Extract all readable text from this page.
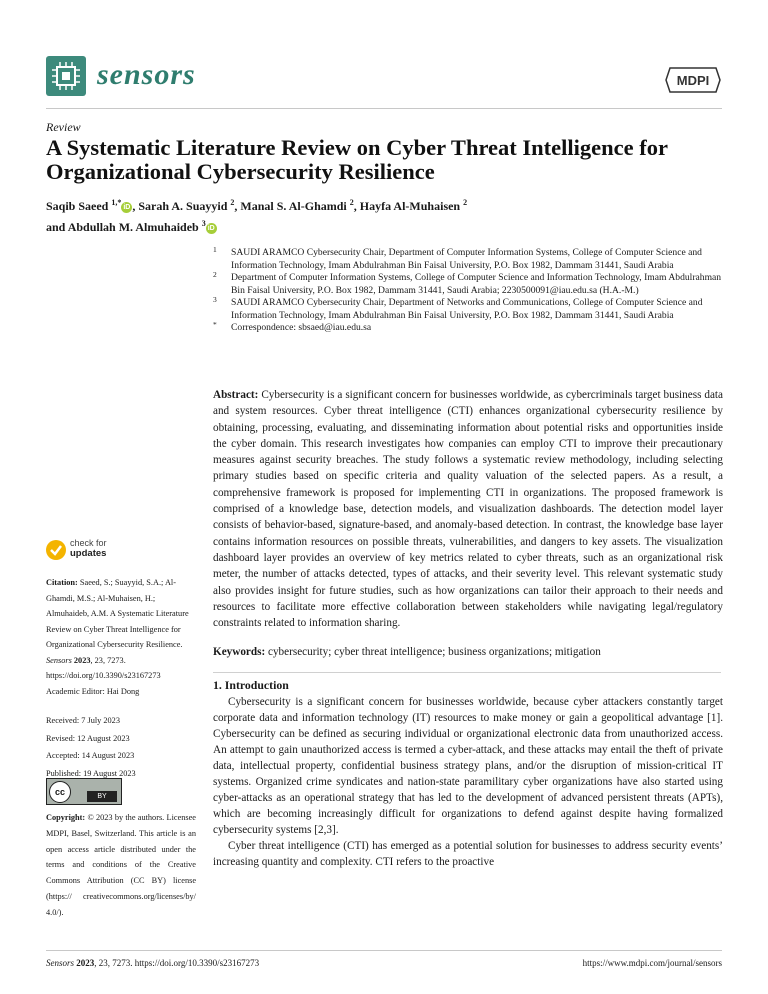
sensors	MDPI
Review
A Systematic Literature Review on Cyber Threat Intelligence for Organizational Cybersecurity Resilience
Saqib Saeed $^{1,*}$iD , Sarah A. Suayyid $^2$, Manal S. Al-Ghamdi $^2$, Hayfa Al-Muhaisen $^2$
and Abdullah M. Almuhaideb $^3$iD
1 SAUDI ARAMCO Cybersecurity Chair, Department of Computer Information Systems, College of Computer Science and Information Technology, Imam Abdulrahman Bin Faisal University, P.O. Box 1982, Dammam 31441, Saudi Arabia
2 Department of Computer Information Systems, College of Computer Science and Information Technology, Imam Abdulrahman Bin Faisal University, P.O. Box 1982, Dammam 31441, Saudi Arabia; 2230500091@iau.edu.sa (H.A.-M.)
3 SAUDI ARAMCO Cybersecurity Chair, Department of Networks and Communications, College of Computer Science and Information Technology, Imam Abdulrahman Bin Faisal University, P.O. Box 1982, Dammam 31441, Saudi Arabia
* Correspondence: sbsaed@iau.edu.sa
Abstract: Cybersecurity is a significant concern for businesses worldwide, as cybercriminals target business data and system resources. Cyber threat intelligence (CTI) enhances organizational cybersecurity resilience by obtaining, processing, evaluating, and disseminating information about potential risks and opportunities inside the cyber domain. This research investigates how companies can employ CTI to improve their precautionary measures against security breaches. The study follows a systematic review methodology, including selecting primary studies based on specific criteria and quality valuation of the selected papers. As a result, a comprehensive framework is proposed for implementing CTI in organizations. The proposed framework is comprised of a knowledge base, detection models, and visualization dashboards. The detection model layer consists of behavior-based, signature-based, and anomaly-based detection. In contrast, the knowledge base layer contains information resources on possible threats, vulnerabilities, and dangers to key assets. The visualization dashboard layer provides an overview of key metrics related to cyber threats, such as an organizational risk meter, the number of attacks detected, types of attacks, and their severity level. This relevant systematic study also provides insight for future studies, such as how organizations can tailor their approach to their needs and resources to facilitate more effective collaboration between stakeholders while navigating legal/regulatory constraints related to information sharing.
Keywords: cybersecurity; cyber threat intelligence; business organizations; mitigation
check for
updates
Citation: Saeed, S.; Suayyid, S.A.; Al-Ghamdi, M.S.; Al-Muhaisen, H.; Almuhaideb, A.M. A Systematic Literature Review on Cyber Threat Intelligence for Organizational Cybersecurity Resilience. Sensors 2023, 23, 7273. https://doi.org/10.3390/s23167273
Academic Editor: Hai Dong
Received: 7 July 2023
Revised: 12 August 2023
Accepted: 14 August 2023
Published: 19 August 2023
cc	BY
Copyright: © 2023 by the authors. Licensee MDPI, Basel, Switzerland. This article is an open access article distributed under the terms and conditions of the Creative Commons Attribution (CC BY) license (https:// creativecommons.org/licenses/by/ 4.0/).
1. Introduction

Cybersecurity is a significant concern for businesses worldwide, because cyber attackers constantly target corporate data and information technology (IT) resources to make money or gain a geopolitical advantage [1]. Cybersecurity can be defined as securing individual or organizational electronic data from unauthorized access. An attempt to gain unauthorized access is termed a cyber-attack, and these attacks may entail the theft of private data, intellectual property, confidential business strategy plans, and/or the disruption of mission-critical IT systems. Organized crime syndicates and nation-state paramilitary cyber organizations have also started using cyber-attacks as an operational strategy that has led to the development of advanced persistent threats (APTs), which are becoming increasingly difficult for organizations to defend against despite having formalized cybersecurity systems [2,3].

Cyber threat intelligence (CTI) has emerged as a potential solution for businesses to address security events’ increasing quantity and complexity. CTI refers to the proactive

Sensors 2023, 23, 7273. https://doi.org/10.3390/s23167273	https://www.mdpi.com/journal/sensors
